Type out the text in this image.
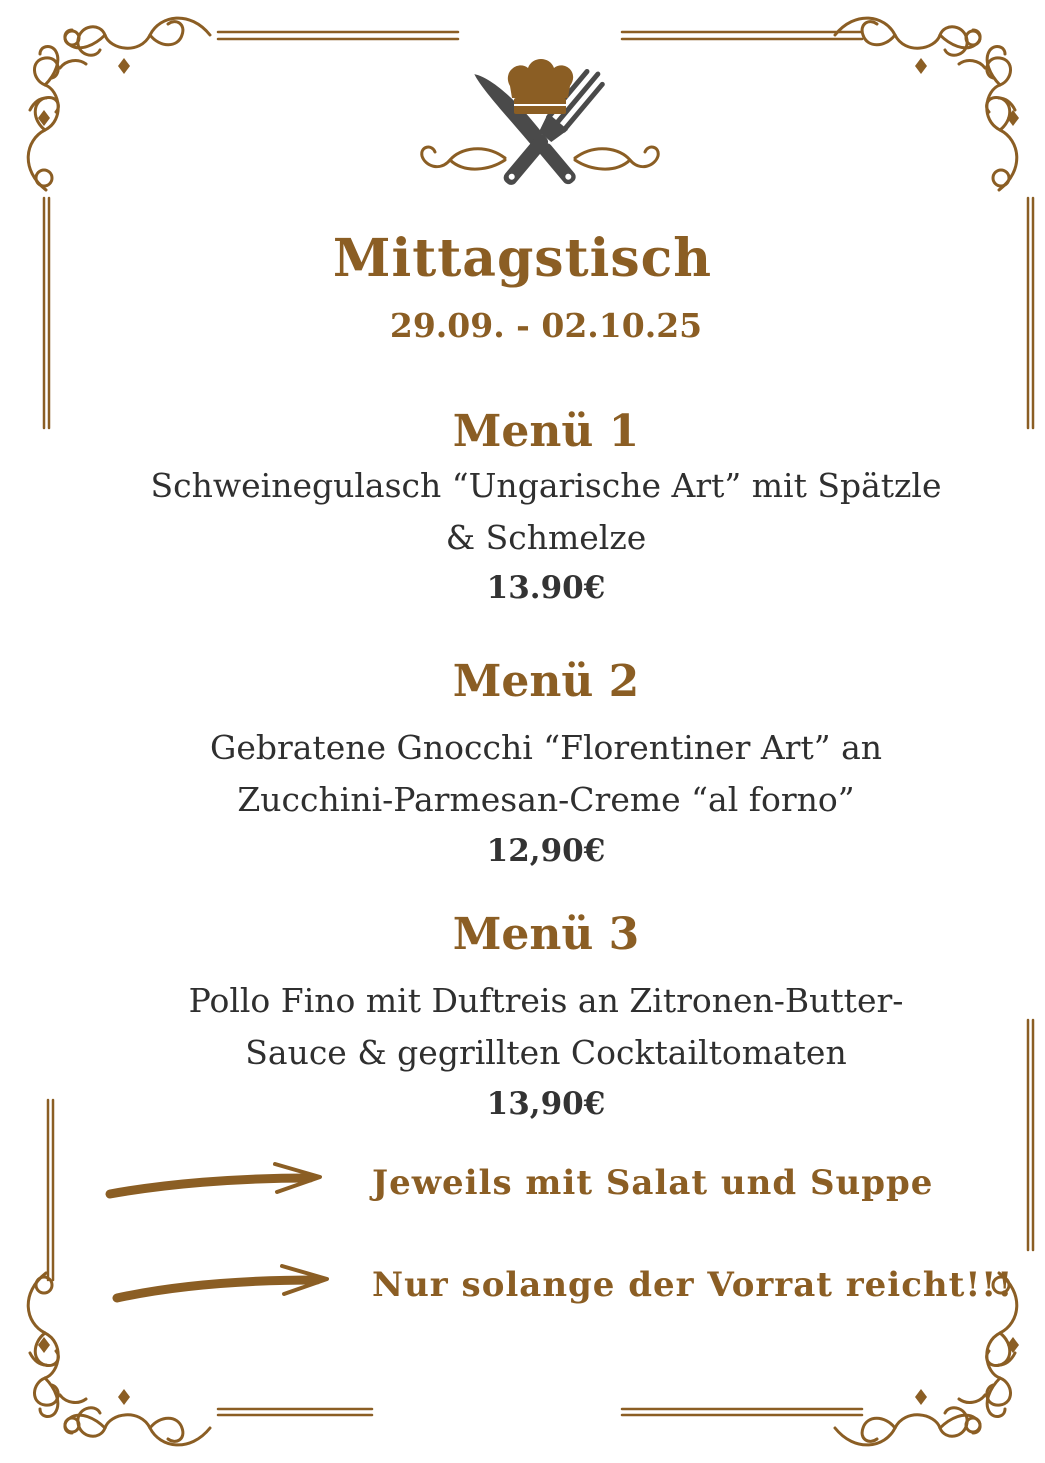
Mittagstisch
29.09. - 02.10.25
Menü 1
Schweinegulasch “Ungarische Art” mit Spätzle
& Schmelze
13.90€
Menü 2
Gebratene Gnocchi “Florentiner Art” an
Zucchini-Parmesan-Creme “al forno”
12,90€
Menü 3
Pollo Fino mit Duftreis an Zitronen-Butter-
Sauce & gegrillten Cocktailtomaten
13,90€
Jeweils mit Salat und Suppe
Nur solange der Vorrat reicht!!!
